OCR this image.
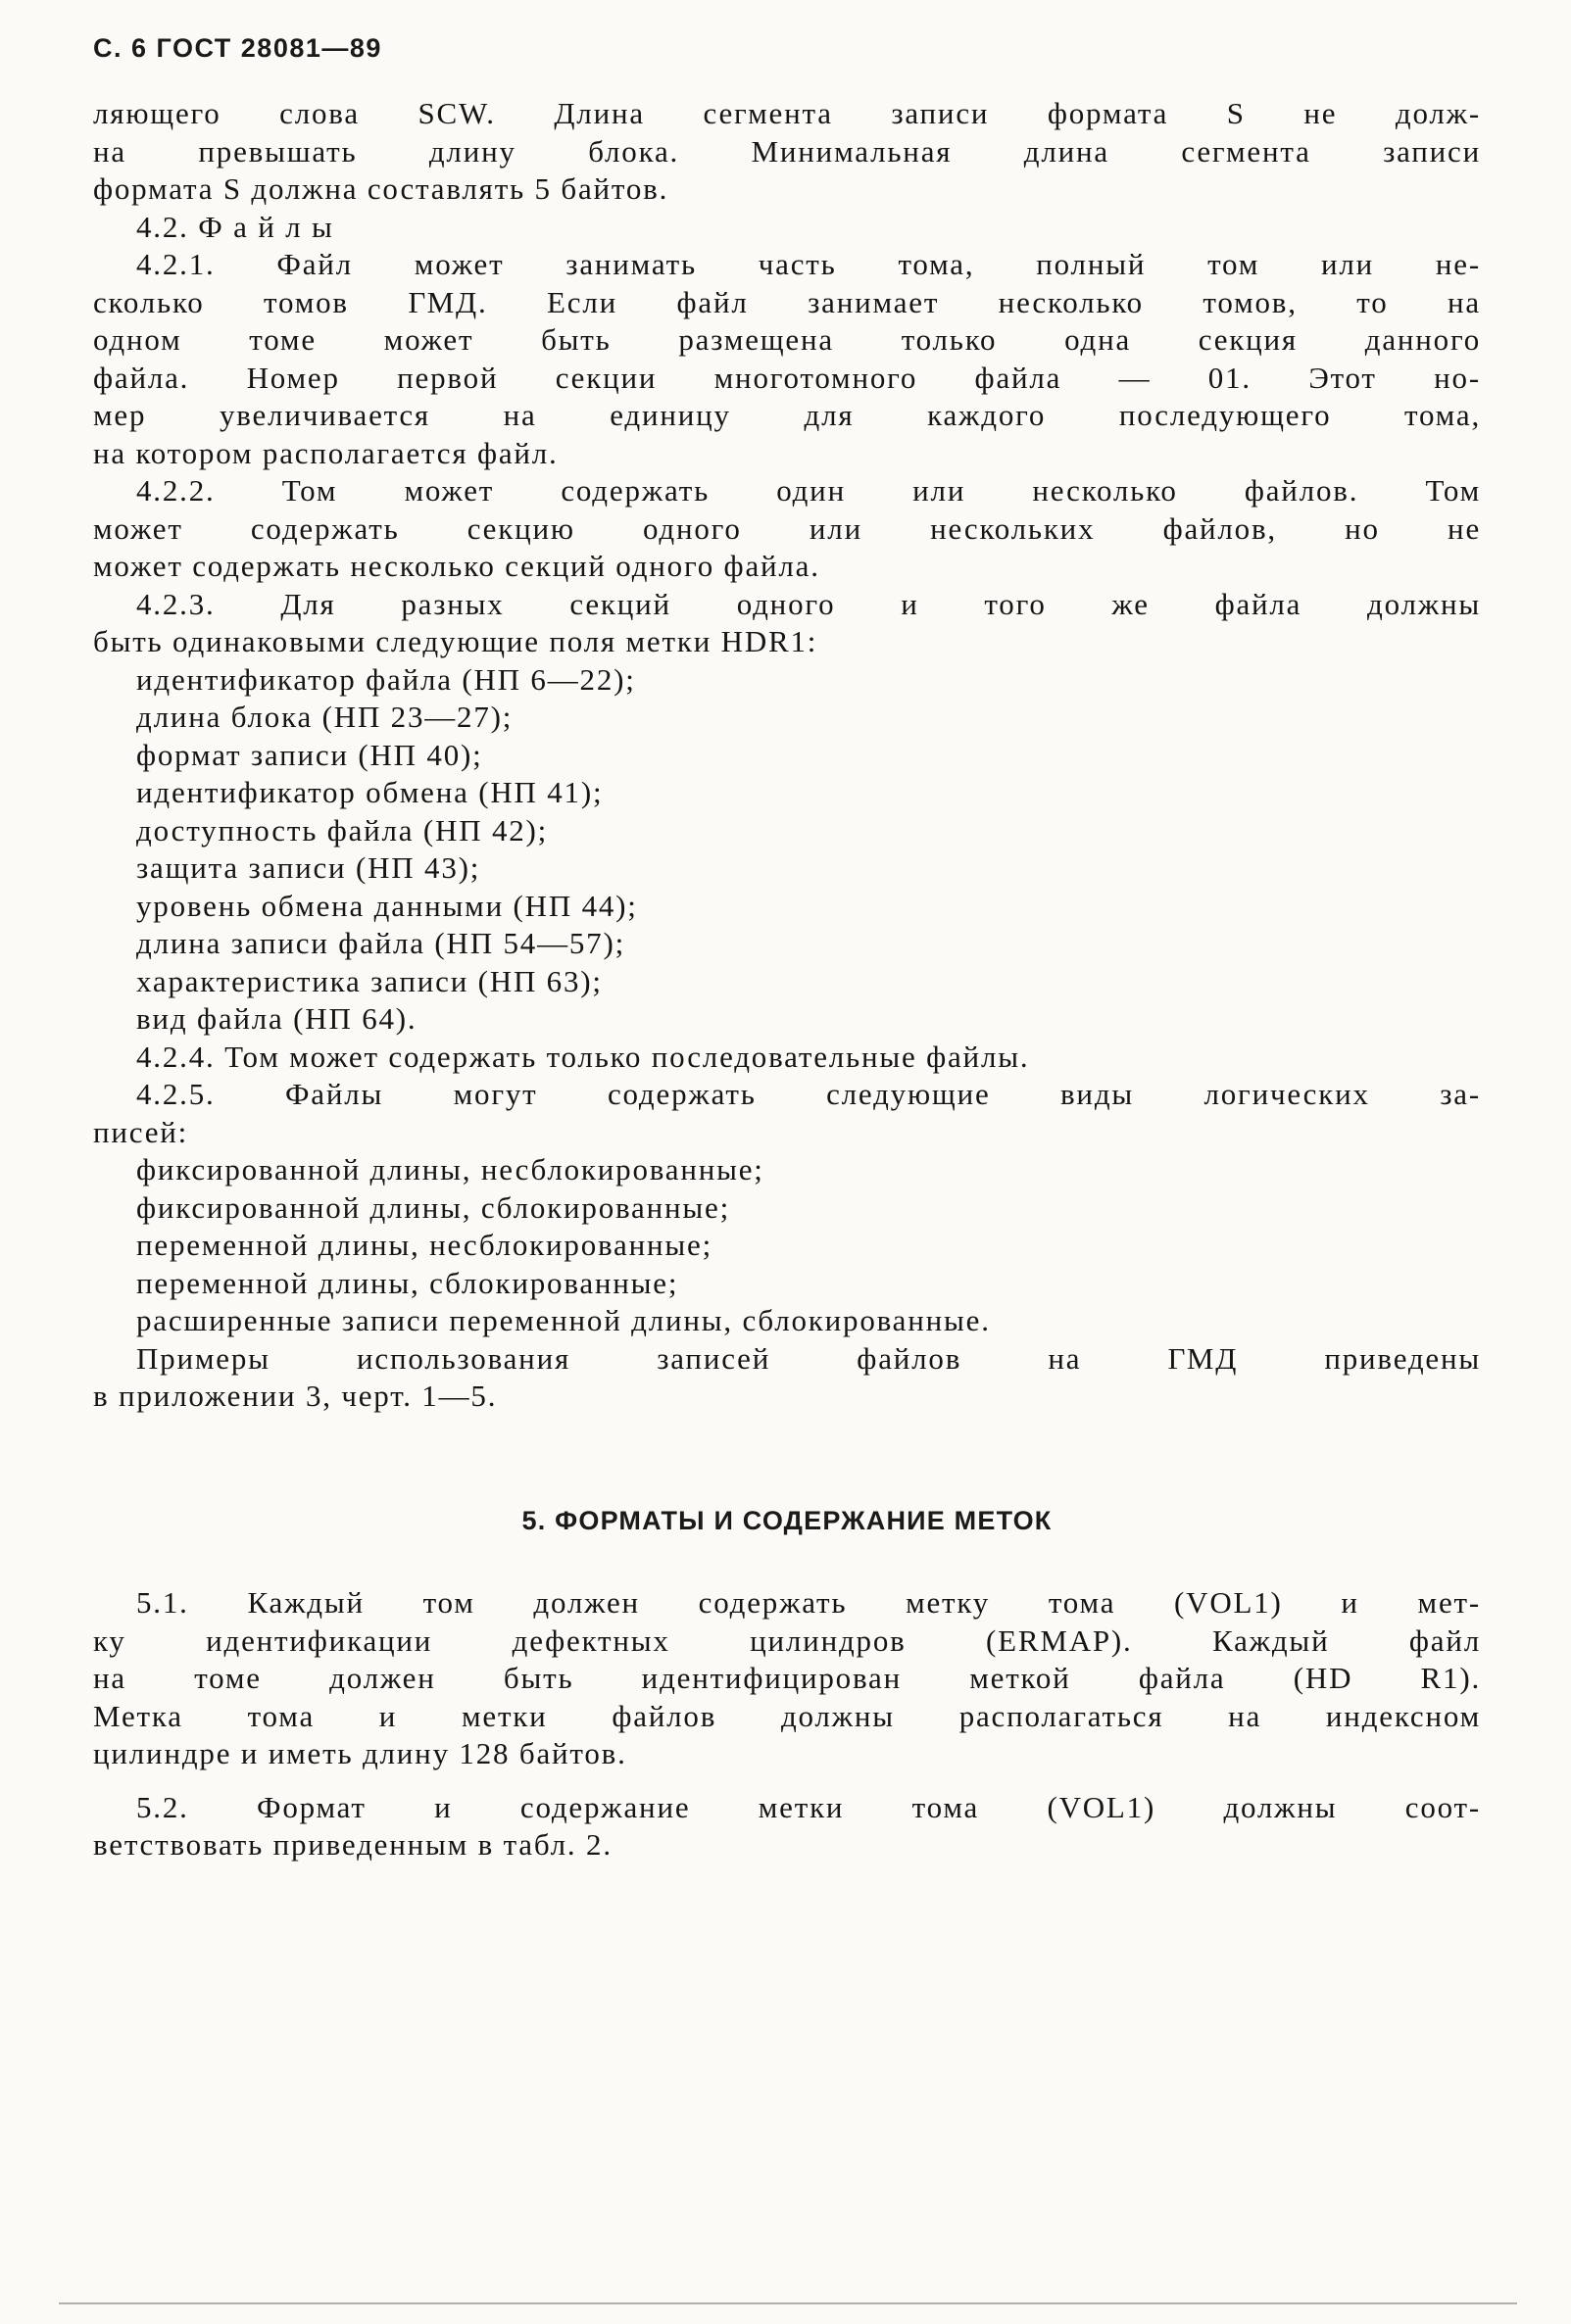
С. 6 ГОСТ 28081—89
ляющего слова SCW. Длина сегмента записи формата S не долж-
на превышать длину блока. Минимальная длина сегмента записи
формата S должна составлять 5 байтов.
4.2. Ф а й л ы
4.2.1. Файл может занимать часть тома, полный том или не-
сколько томов ГМД. Если файл занимает несколько томов, то на
одном томе может быть размещена только одна секция данного
файла. Номер первой секции многотомного файла — 01. Этот но-
мер увеличивается на единицу для каждого последующего тома,
на котором располагается файл.
4.2.2. Том может содержать один или несколько файлов. Том
может содержать секцию одного или нескольких файлов, но не
может содержать несколько секций одного файла.
4.2.3. Для разных секций одного и того же файла должны
быть одинаковыми следующие поля метки HDR1:
идентификатор файла (НП 6—22);
длина блока (НП 23—27);
формат записи (НП 40);
идентификатор обмена (НП 41);
доступность файла (НП 42);
защита записи (НП 43);
уровень обмена данными (НП 44);
длина записи файла (НП 54—57);
характеристика записи (НП 63);
вид файла (НП 64).
4.2.4. Том может содержать только последовательные файлы.
4.2.5. Файлы могут содержать следующие виды логических за-
писей:
фиксированной длины, несблокированные;
фиксированной длины, сблокированные;
переменной длины, несблокированные;
переменной длины, сблокированные;
расширенные записи переменной длины, сблокированные.
Примеры использования записей файлов на ГМД приведены
в приложении 3, черт. 1—5.
5. ФОРМАТЫ И СОДЕРЖАНИЕ МЕТОК
5.1. Каждый том должен содержать метку тома (VOL1) и мет-
ку идентификации дефектных цилиндров (ERMAP). Каждый файл
на томе должен быть идентифицирован меткой файла (HD R1).
Метка тома и метки файлов должны располагаться на индексном
цилиндре и иметь длину 128 байтов.
5.2. Формат и содержание метки тома (VOL1) должны соот-
ветствовать приведенным в табл. 2.
